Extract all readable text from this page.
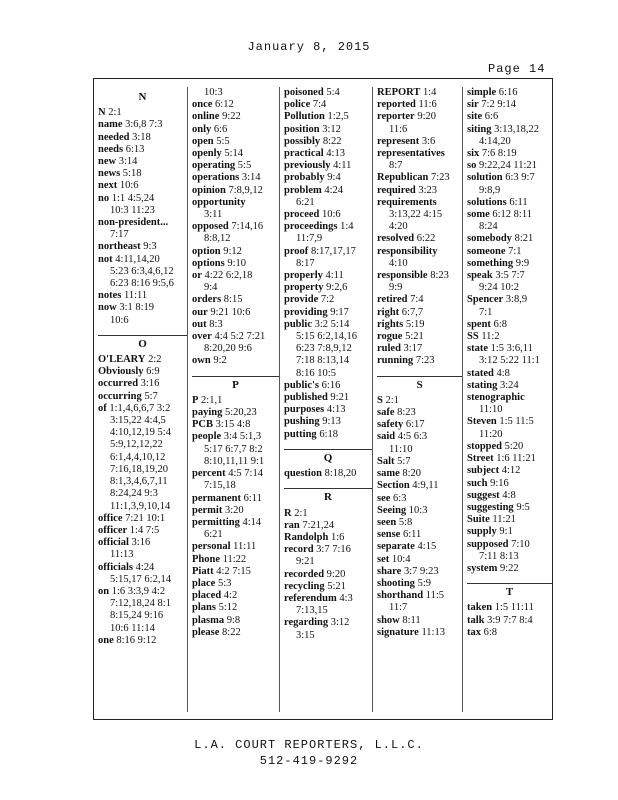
January 8, 2015
Page 14
N
N 2:1
name 3:6,8 7:3
needed 3:18
needs 6:13
new 3:14
news 5:18
next 10:6
no 1:1 4:5,24
10:3 11:23
non-president...
7:17
northeast 9:3
not 4:11,14,20
5:23 6:3,4,6,12
6:23 8:16 9:5,6
notes 11:11
now 3:1 8:19
10:6
O
O'LEARY 2:2
Obviously 6:9
occurred 3:16
occurring 5:7
of 1:1,4,6,6,7 3:2
3:15,22 4:4,5
4:10,12,19 5:4
5:9,12,12,22
6:1,4,4,10,12
7:16,18,19,20
8:1,3,4,6,7,11
8:24,24 9:3
11:1,3,9,10,14
office 7:21 10:1
officer 1:4 7:5
official 3:16
11:13
officials 4:24
5:15,17 6:2,14
on 1:6 3:3,9 4:2
7:12,18,24 8:1
8:15,24 9:16
10:6 11:14
one 8:16 9:12
10:3
once 6:12
online 9:22
only 6:6
open 5:5
openly 5:14
operating 5:5
operations 3:14
opinion 7:8,9,12
opportunity
3:11
opposed 7:14,16
8:8,12
option 9:12
options 9:10
or 4:22 6:2,18
9:4
orders 8:15
our 9:21 10:6
out 8:3
over 4:4 5:2 7:21
8:20,20 9:6
own 9:2
P
P 2:1,1
paying 5:20,23
PCB 3:15 4:8
people 3:4 5:1,3
5:17 6:7,7 8:2
8:10,11,11 9:1
percent 4:5 7:14
7:15,18
permanent 6:11
permit 3:20
permitting 4:14
6:21
personal 11:11
Phone 11:22
Piatt 4:2 7:15
place 5:3
placed 4:2
plans 5:12
plasma 9:8
please 8:22
poisoned 5:4
police 7:4
Pollution 1:2,5
position 3:12
possibly 8:22
practical 4:13
previously 4:11
probably 9:4
problem 4:24
6:21
proceed 10:6
proceedings 1:4
11:7,9
proof 8:17,17,17
8:17
properly 4:11
property 9:2,6
provide 7:2
providing 9:17
public 3:2 5:14
5:15 6:2,14,16
6:23 7:8,9,12
7:18 8:13,14
8:16 10:5
public's 6:16
published 9:21
purposes 4:13
pushing 9:13
putting 6:18
Q
question 8:18,20
R
R 2:1
ran 7:21,24
Randolph 1:6
record 3:7 7:16
9:21
recorded 9:20
recycling 5:21
referendum 4:3
7:13,15
regarding 3:12
3:15
REPORT 1:4
reported 11:6
reporter 9:20
11:6
represent 3:6
representatives
8:7
Republican 7:23
required 3:23
requirements
3:13,22 4:15
4:20
resolved 6:22
responsibility
4:10
responsible 8:23
9:9
retired 7:4
right 6:7,7
rights 5:19
rogue 5:21
ruled 3:17
running 7:23
S
S 2:1
safe 8:23
safety 6:17
said 4:5 6:3
11:10
Salt 5:7
same 8:20
Section 4:9,11
see 6:3
Seeing 10:3
seen 5:8
sense 6:11
separate 4:15
set 10:4
share 3:7 9:23
shooting 5:9
shorthand 11:5
11:7
show 8:11
signature 11:13
simple 6:16
sir 7:2 9:14
site 6:6
siting 3:13,18,22
4:14,20
six 7:6 8:19
so 9:22,24 11:21
solution 6:3 9:7
9:8,9
solutions 6:11
some 6:12 8:11
8:24
somebody 8:21
someone 7:1
something 9:9
speak 3:5 7:7
9:24 10:2
Spencer 3:8,9
7:1
spent 6:8
SS 11:2
state 1:5 3:6,11
3:12 5:22 11:1
stated 4:8
stating 3:24
stenographic
11:10
Steven 1:5 11:5
11:20
stopped 5:20
Street 1:6 11:21
subject 4:12
such 9:16
suggest 4:8
suggesting 9:5
Suite 11:21
supply 9:1
supposed 7:10
7:11 8:13
system 9:22
T
taken 1:5 11:11
talk 3:9 7:7 8:4
tax 6:8
L.A. COURT REPORTERS, L.L.C.
512-419-9292
